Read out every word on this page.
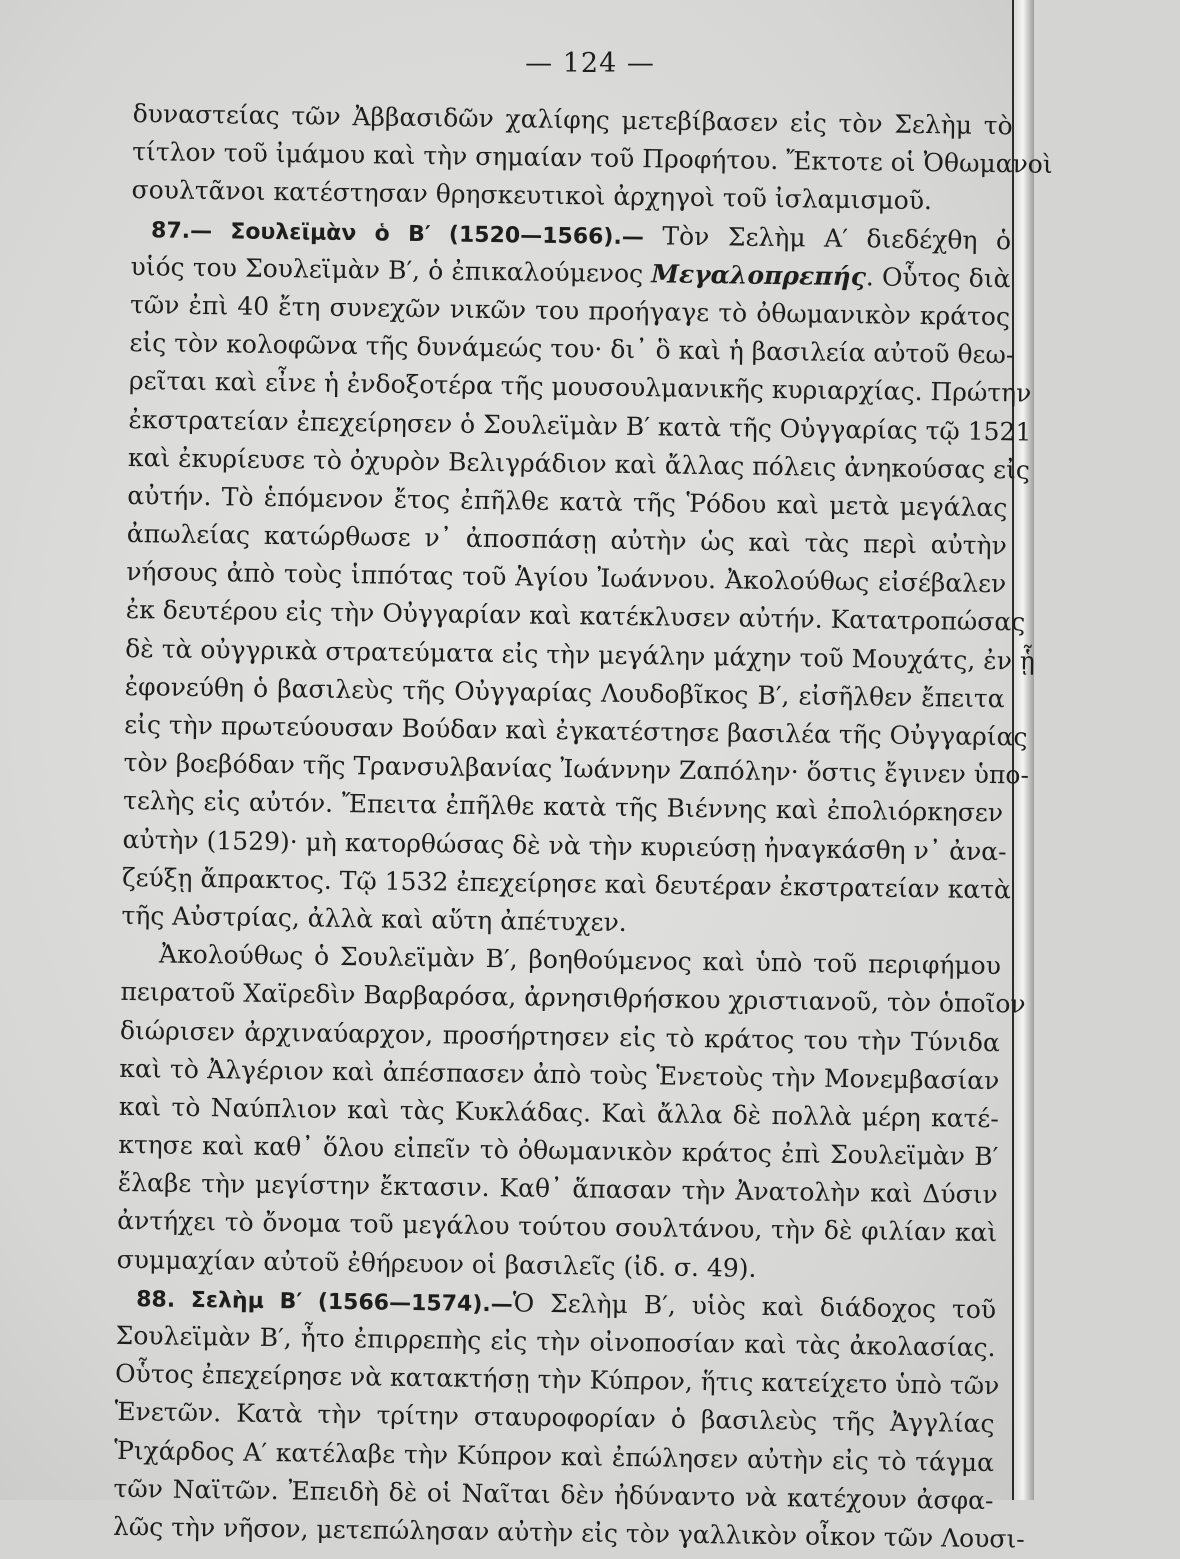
— 124 —
δυναστείας τῶν Ἀββασιδῶν χαλίφης μετεβίβασεν εἰς τὸν Σελὴμ τὸ
τίτλον τοῦ ἰμάμου καὶ τὴν σημαίαν τοῦ Προφήτου. Ἔκτοτε οἱ Ὀθωμανοὶ
σουλτᾶνοι κατέστησαν θρησκευτικοὶ ἀρχηγοὶ τοῦ ἰσλαμισμοῦ.
87.— Σουλεϊμὰν ὁ Β′ (1520—1566).— Τὸν Σελὴμ Α′ διεδέχθη ὁ
υἱός του Σουλεϊμὰν Β′, ὁ ἐπικαλούμενος Μεγαλοπρεπής. Οὗτος διὰ
τῶν ἐπὶ 40 ἔτη συνεχῶν νικῶν του προήγαγε τὸ ὀθωμανικὸν κράτος
εἰς τὸν κολοφῶνα τῆς δυνάμεώς του· δι᾽ ὃ καὶ ἡ βασιλεία αὐτοῦ θεω-
ρεῖται καὶ εἶνε ἡ ἐνδοξοτέρα τῆς μουσουλμανικῆς κυριαρχίας. Πρώτην
ἐκστρατείαν ἐπεχείρησεν ὁ Σουλεϊμὰν Β′ κατὰ τῆς Οὐγγαρίας τῷ 1521
καὶ ἐκυρίευσε τὸ ὀχυρὸν Βελιγράδιον καὶ ἄλλας πόλεις ἀνηκούσας εἰς
αὐτήν. Τὸ ἑπόμενον ἔτος ἐπῆλθε κατὰ τῆς Ῥόδου καὶ μετὰ μεγάλας
ἀπωλείας κατώρθωσε ν᾽ ἀποσπάσῃ αὐτὴν ὡς καὶ τὰς περὶ αὐτὴν
νήσους ἀπὸ τοὺς ἱππότας τοῦ Ἁγίου Ἰωάννου. Ἀκολούθως εἰσέβαλεν
ἐκ δευτέρου εἰς τὴν Οὐγγαρίαν καὶ κατέκλυσεν αὐτήν. Κατατροπώσας
δὲ τὰ οὐγγρικὰ στρατεύματα εἰς τὴν μεγάλην μάχην τοῦ Μουχάτς, ἐν ᾗ
ἐφονεύθη ὁ βασιλεὺς τῆς Οὐγγαρίας Λουδοβῖκος Β′, εἰσῆλθεν ἔπειτα
εἰς τὴν πρωτεύουσαν Βούδαν καὶ ἐγκατέστησε βασιλέα τῆς Οὐγγαρίας
τὸν βοεβόδαν τῆς Τρανσυλβανίας Ἰωάννην Ζαπόλην· ὅστις ἔγινεν ὑπο-
τελὴς εἰς αὐτόν. Ἔπειτα ἐπῆλθε κατὰ τῆς Βιέννης καὶ ἐπολιόρκησεν
αὐτὴν (1529)· μὴ κατορθώσας δὲ νὰ τὴν κυριεύσῃ ἠναγκάσθη ν᾽ ἀνα-
ζεύξῃ ἄπρακτος. Τῷ 1532 ἐπεχείρησε καὶ δευτέραν ἐκστρατείαν κατὰ
τῆς Αὐστρίας, ἀλλὰ καὶ αὕτη ἀπέτυχεν.
Ἀκολούθως ὁ Σουλεϊμὰν Β′, βοηθούμενος καὶ ὑπὸ τοῦ περιφήμου
πειρατοῦ Χαϊρεδὶν Βαρβαρόσα, ἀρνησιθρήσκου χριστιανοῦ, τὸν ὁποῖον
διώρισεν ἀρχιναύαρχον, προσήρτησεν εἰς τὸ κράτος του τὴν Τύνιδα
καὶ τὸ Ἀλγέριον καὶ ἀπέσπασεν ἀπὸ τοὺς Ἑνετοὺς τὴν Μονεμβασίαν
καὶ τὸ Ναύπλιον καὶ τὰς Κυκλάδας. Καὶ ἄλλα δὲ πολλὰ μέρη κατέ-
κτησε καὶ καθ᾽ ὅλου εἰπεῖν τὸ ὀθωμανικὸν κράτος ἐπὶ Σουλεϊμὰν Β′
ἔλαβε τὴν μεγίστην ἔκτασιν. Καθ᾽ ἅπασαν τὴν Ἀνατολὴν καὶ Δύσιν
ἀντήχει τὸ ὄνομα τοῦ μεγάλου τούτου σουλτάνου, τὴν δὲ φιλίαν καὶ
συμμαχίαν αὐτοῦ ἐθήρευον οἱ βασιλεῖς (ἰδ. σ. 49).
88. Σελὴμ Β′ (1566—1574).—Ὁ Σελὴμ Β′, υἱὸς καὶ διάδοχος τοῦ
Σουλεϊμὰν Β′, ἦτο ἐπιρρεπὴς εἰς τὴν οἰνοποσίαν καὶ τὰς ἀκολασίας.
Οὗτος ἐπεχείρησε νὰ κατακτήσῃ τὴν Κύπρον, ἥτις κατείχετο ὑπὸ τῶν
Ἑνετῶν. Κατὰ τὴν τρίτην σταυροφορίαν ὁ βασιλεὺς τῆς Ἀγγλίας
Ῥιχάρδος Α′ κατέλαβε τὴν Κύπρον καὶ ἐπώλησεν αὐτὴν εἰς τὸ τάγμα
τῶν Ναϊτῶν. Ἐπειδὴ δὲ οἱ Ναῖται δὲν ἠδύναντο νὰ κατέχουν ἀσφα-
λῶς τὴν νῆσον, μετεπώλησαν αὐτὴν εἰς τὸν γαλλικὸν οἶκον τῶν Λουσι-
